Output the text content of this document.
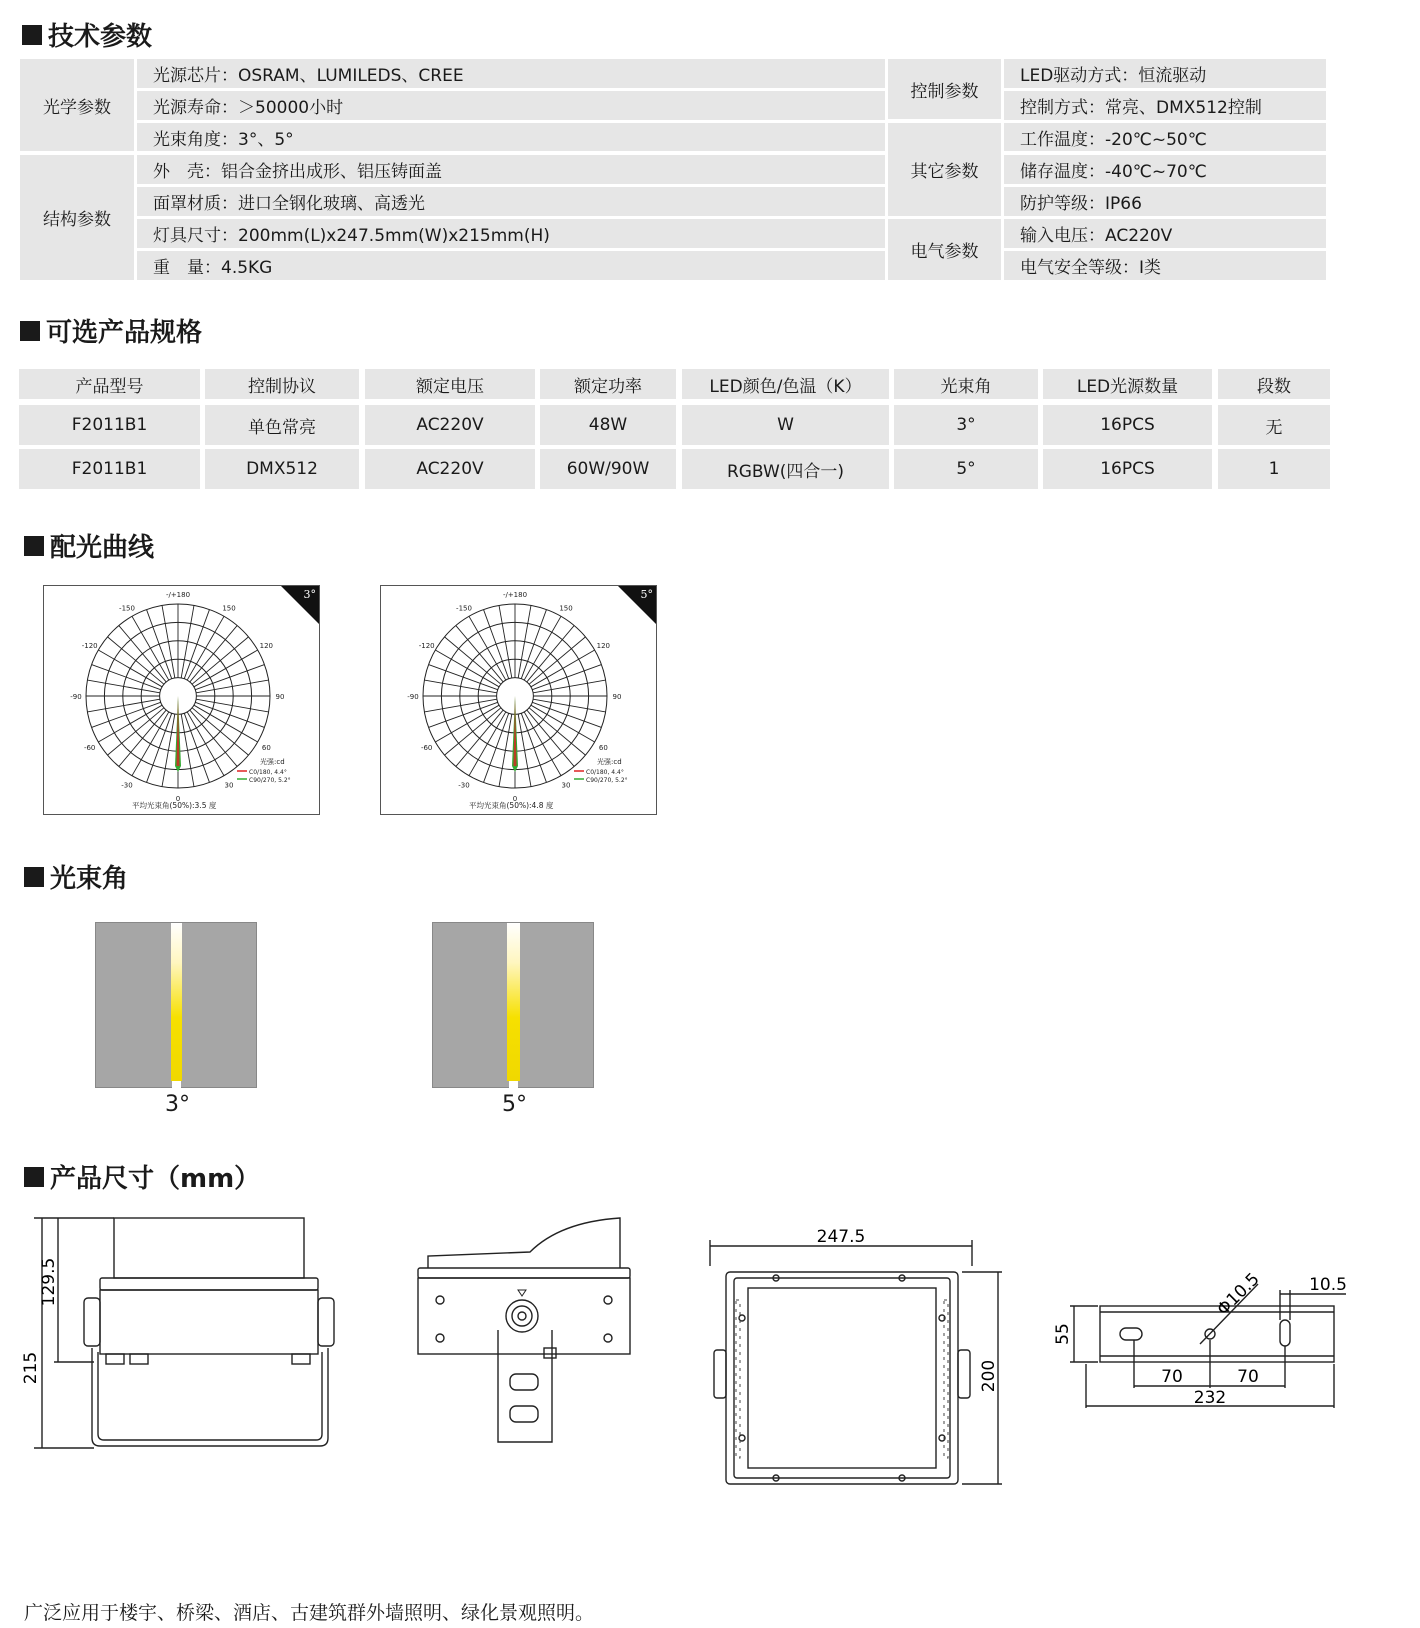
技术参数
光学参数
光源芯片：OSRAM、LUMILEDS、CREE
光源寿命：＞50000小时
光束角度：3°、5°
结构参数
外　壳：铝合金挤出成形、铝压铸面盖
面罩材质：进口全钢化玻璃、高透光
灯具尺寸：200mm(L)x247.5mm(W)x215mm(H)
重　量：4.5KG
控制参数
LED驱动方式：恒流驱动
控制方式：常亮、DMX512控制
其它参数
工作温度：-20℃~50℃
储存温度：-40℃~70℃
防护等级：IP66
电气参数
输入电压：AC220V
电气安全等级：Ⅰ类
可选产品规格
产品型号	控制协议	额定电压	额定功率	LED颜色/色温（K）	光束角	LED光源数量	段数
F2011B1	单色常亮	AC220V	48W	W	3°	16PCS	无
F2011B1	DMX512	AC220V	60W/90W	RGBW(四合一)	5°	16PCS	1
配光曲线
3°
-/+180
-150	150
-120	120
-90	90
-60	60
-30	30
0
光强:cd
C0/180, 4.4°
C90/270, 5.2°
平均光束角(50%):3.5 度
5°
-/+180
-150	150
-120	120
-90	90
-60	60
-30	30
0
光强:cd
C0/180, 4.4°
C90/270, 5.2°
平均光束角(50%):4.8 度
光束角
3°	5°
产品尺寸（mm）
215
129.5
247.5
200
Φ10.5	10.5
55
70	70
232
广泛应用于楼宇、桥梁、酒店、古建筑群外墙照明、绿化景观照明。
